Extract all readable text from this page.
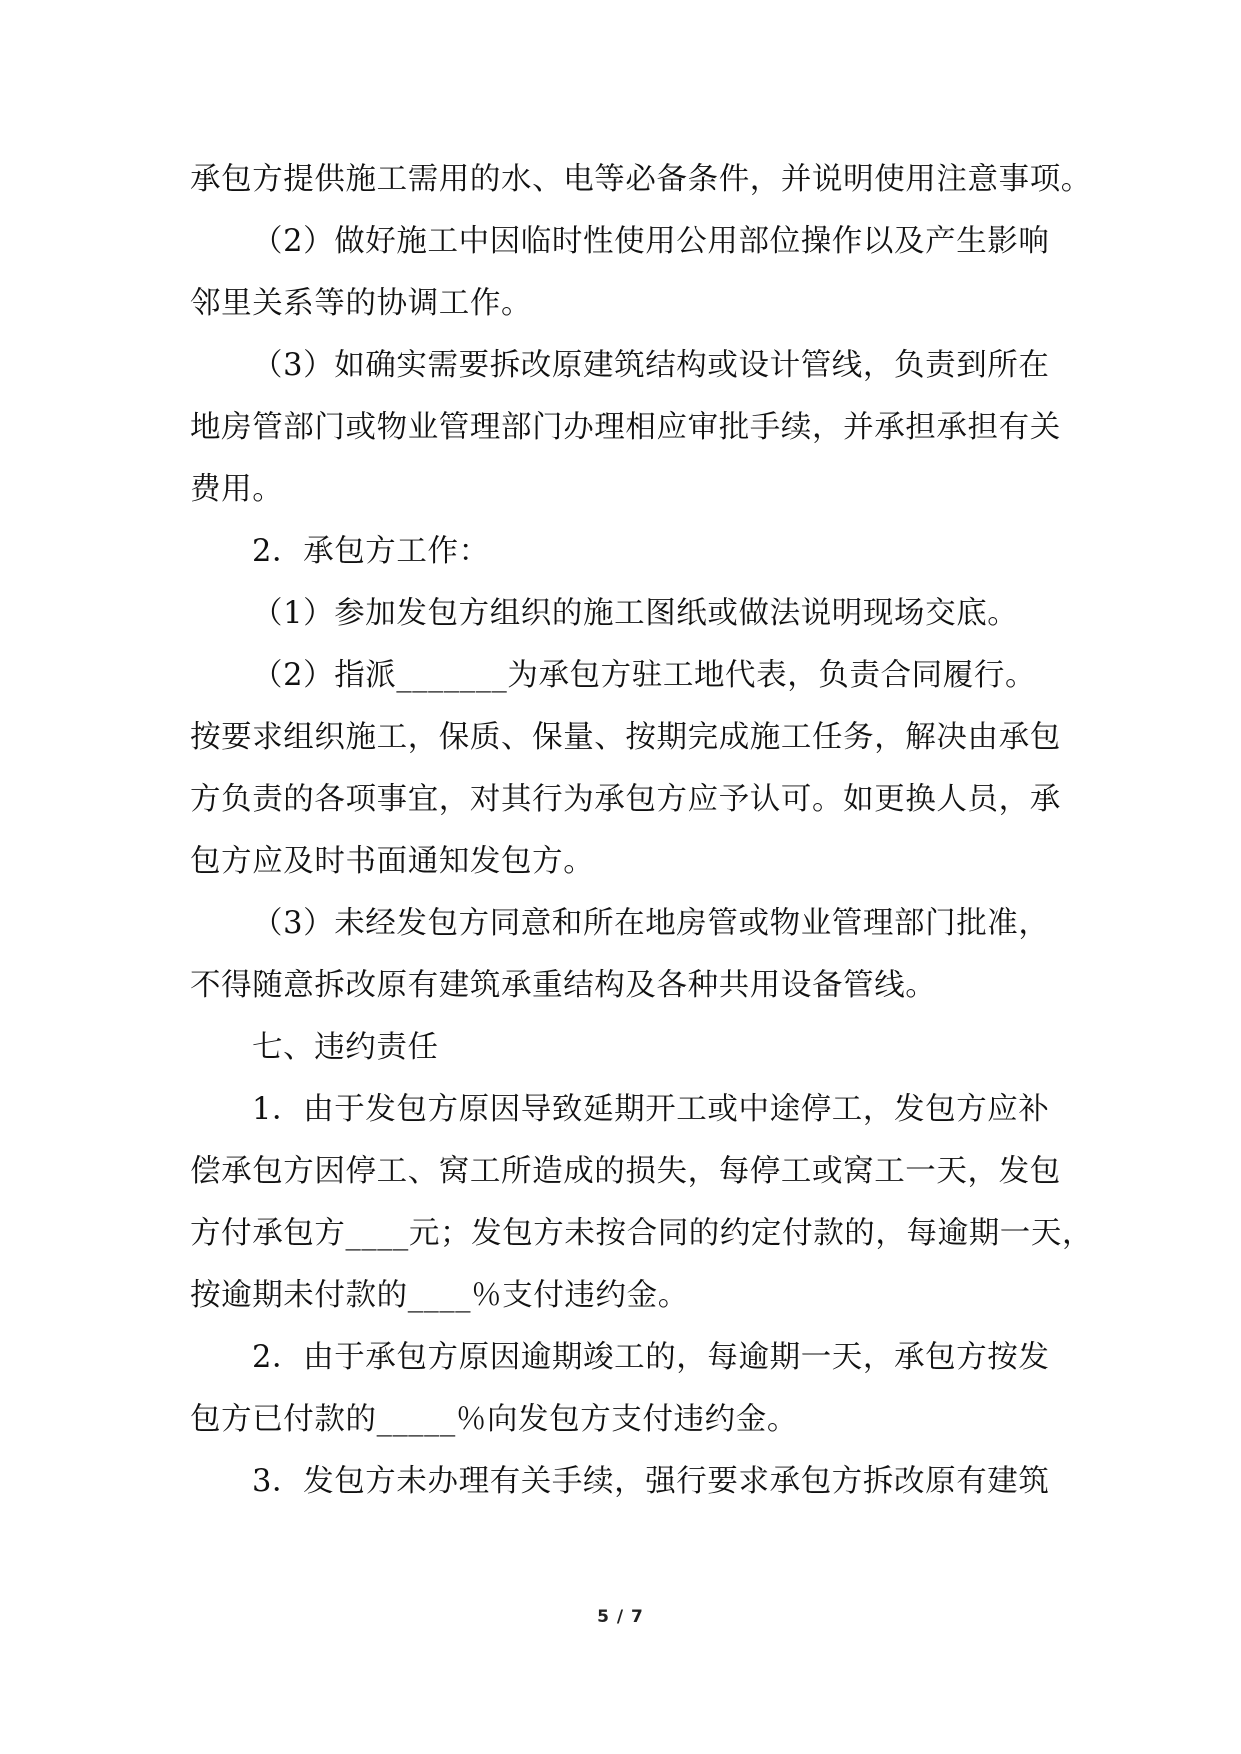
承包方提供施工需用的水、电等必备条件，并说明使用注意事项。
（2）做好施工中因临时性使用公用部位操作以及产生影响
邻里关系等的协调工作。
（3）如确实需要拆改原建筑结构或设计管线，负责到所在
地房管部门或物业管理部门办理相应审批手续，并承担承担有关
费用。
2．承包方工作：
（1）参加发包方组织的施工图纸或做法说明现场交底。
（2）指派_______为承包方驻工地代表，负责合同履行。
按要求组织施工，保质、保量、按期完成施工任务，解决由承包
方负责的各项事宜，对其行为承包方应予认可。如更换人员，承
包方应及时书面通知发包方。
（3）未经发包方同意和所在地房管或物业管理部门批准，
不得随意拆改原有建筑承重结构及各种共用设备管线。
七、违约责任
1．由于发包方原因导致延期开工或中途停工，发包方应补
偿承包方因停工、窝工所造成的损失，每停工或窝工一天，发包
方付承包方____元；发包方未按合同的约定付款的，每逾期一天，
按逾期未付款的____％支付违约金。
2．由于承包方原因逾期竣工的，每逾期一天，承包方按发
包方已付款的_____％向发包方支付违约金。
3．发包方未办理有关手续，强行要求承包方拆改原有建筑
5 / 7
